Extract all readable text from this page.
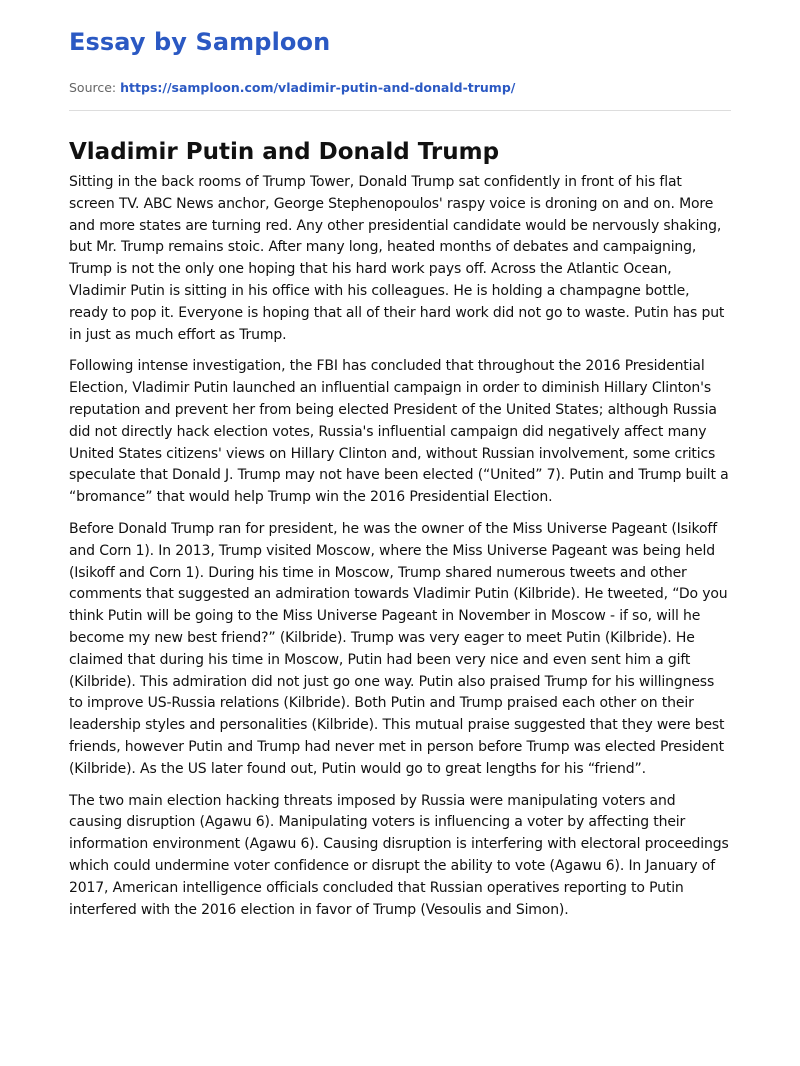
Essay by Samploon
Source: https://samploon.com/vladimir-putin-and-donald-trump/
Vladimir Putin and Donald Trump

Sitting in the back rooms of Trump Tower, Donald Trump sat confidently in front of his flat screen TV. ABC News anchor, George Stephenopoulos' raspy voice is droning on and on. More and more states are turning red. Any other presidential candidate would be nervously shaking, but Mr. Trump remains stoic. After many long, heated months of debates and campaigning, Trump is not the only one hoping that his hard work pays off. Across the Atlantic Ocean, Vladimir Putin is sitting in his office with his colleagues. He is holding a champagne bottle, ready to pop it. Everyone is hoping that all of their hard work did not go to waste. Putin has put in just as much effort as Trump.

Following intense investigation, the FBI has concluded that throughout the 2016 Presidential Election, Vladimir Putin launched an influential campaign in order to diminish Hillary Clinton's reputation and prevent her from being elected President of the United States; although Russia did not directly hack election votes, Russia's influential campaign did negatively affect many United States citizens' views on Hillary Clinton and, without Russian involvement, some critics speculate that Donald J. Trump may not have been elected (“United” 7). Putin and Trump built a “bromance” that would help Trump win the 2016 Presidential Election.

Before Donald Trump ran for president, he was the owner of the Miss Universe Pageant (Isikoff and Corn 1). In 2013, Trump visited Moscow, where the Miss Universe Pageant was being held (Isikoff and Corn 1). During his time in Moscow, Trump shared numerous tweets and other comments that suggested an admiration towards Vladimir Putin (Kilbride). He tweeted, “Do you think Putin will be going to the Miss Universe Pageant in November in Moscow - if so, will he become my new best friend?” (Kilbride). Trump was very eager to meet Putin (Kilbride). He claimed that during his time in Moscow, Putin had been very nice and even sent him a gift (Kilbride). This admiration did not just go one way. Putin also praised Trump for his willingness to improve US-Russia relations (Kilbride). Both Putin and Trump praised each other on their leadership styles and personalities (Kilbride). This mutual praise suggested that they were best friends, however Putin and Trump had never met in person before Trump was elected President (Kilbride). As the US later found out, Putin would go to great lengths for his “friend”.

The two main election hacking threats imposed by Russia were manipulating voters and causing disruption (Agawu 6). Manipulating voters is influencing a voter by affecting their information environment (Agawu 6). Causing disruption is interfering with electoral proceedings which could undermine voter confidence or disrupt the ability to vote (Agawu 6). In January of 2017, American intelligence officials concluded that Russian operatives reporting to Putin interfered with the 2016 election in favor of Trump (Vesoulis and Simon).
